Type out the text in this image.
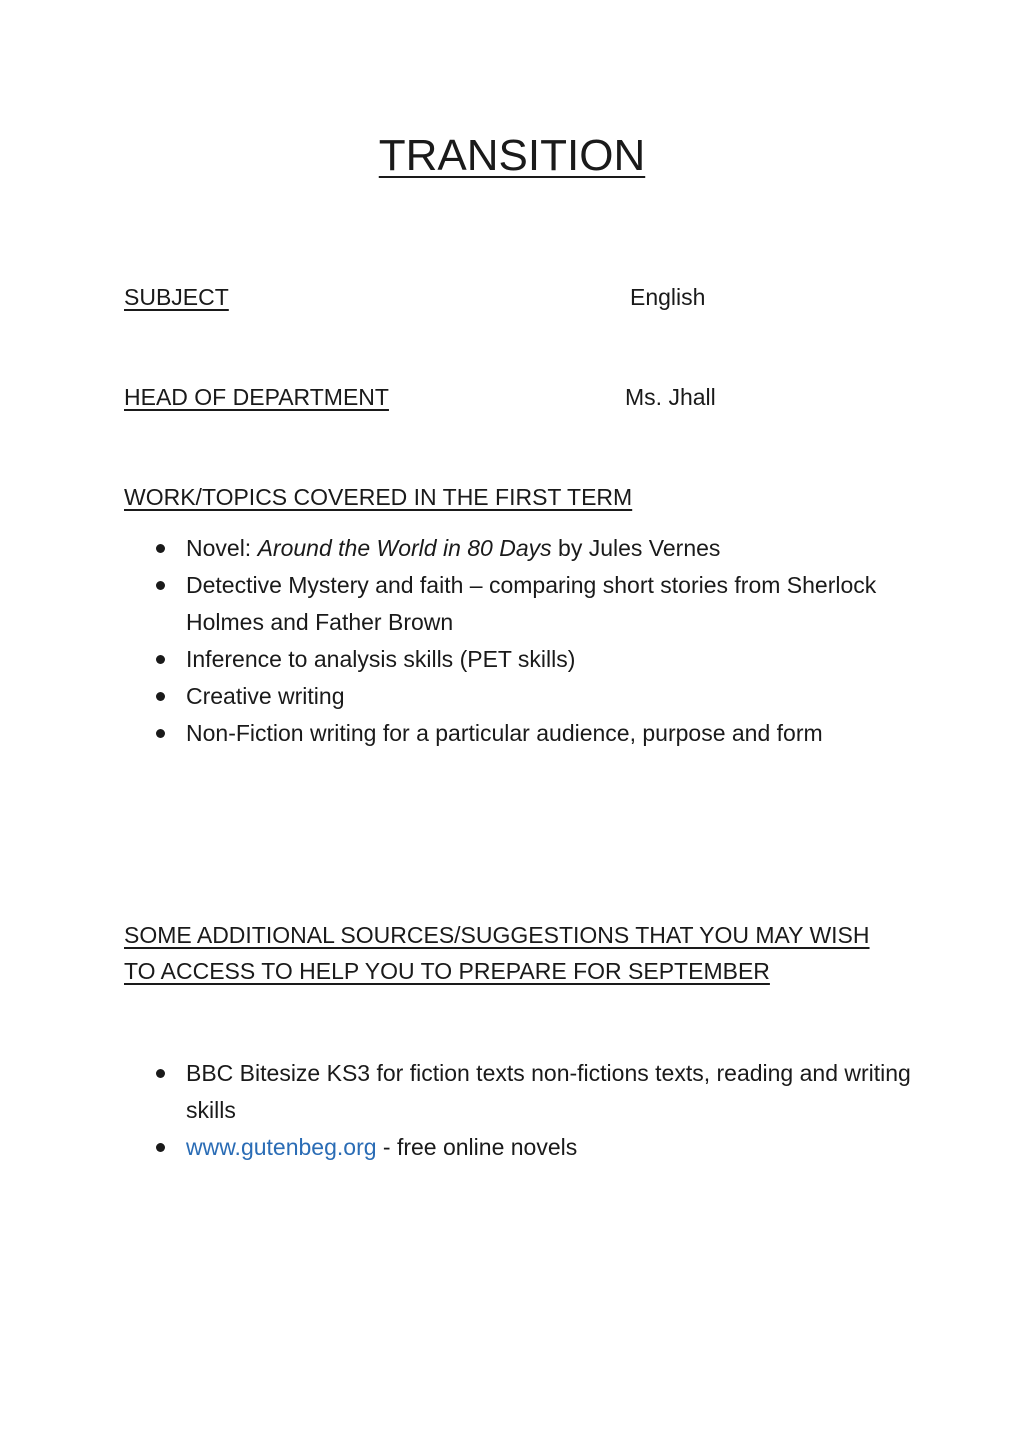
TRANSITION
SUBJECT	English
HEAD OF DEPARTMENT	Ms. Jhall
WORK/TOPICS COVERED IN THE FIRST TERM
Novel: Around the World in 80 Days by Jules Vernes
Detective Mystery and faith – comparing short stories from Sherlock Holmes and Father Brown
Inference to analysis skills (PET skills)
Creative writing
Non-Fiction writing for a particular audience, purpose and form
SOME ADDITIONAL SOURCES/SUGGESTIONS THAT YOU MAY WISH TO ACCESS TO HELP YOU TO PREPARE FOR SEPTEMBER
BBC Bitesize KS3 for fiction texts non-fictions texts, reading and writing skills
www.gutenbeg.org - free online novels
